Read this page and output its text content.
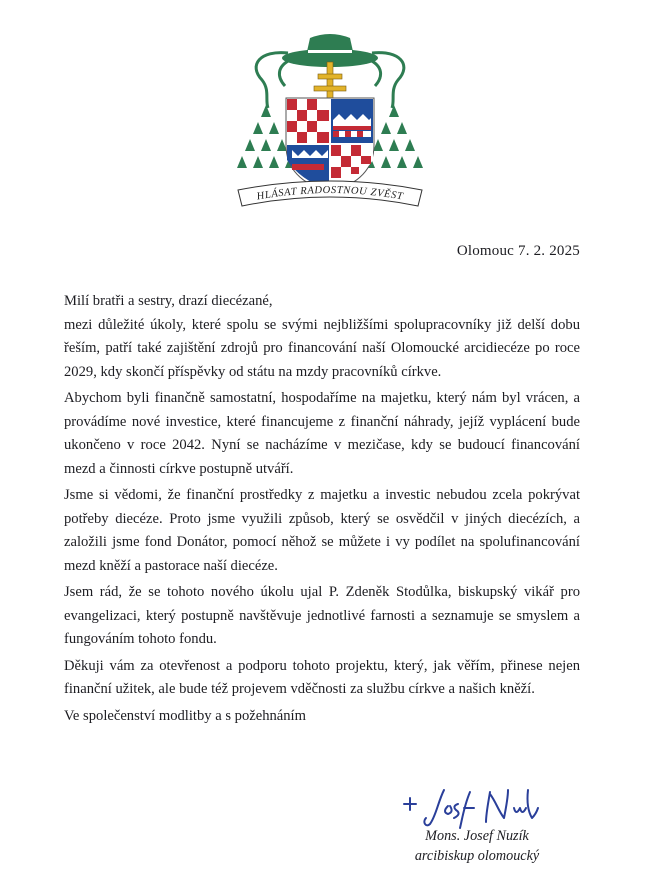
HLÁSAT RADOSTNOU ZVĚST
Olomouc 7. 2. 2025

Milí bratři a sestry, drazí diecézané,

mezi důležité úkoly, které spolu se svými nejbližšími spolupracovníky již delší dobu řeším, patří také zajištění zdrojů pro financování naší Olomoucké arcidiecéze po roce 2029, kdy skončí příspěvky od státu na mzdy pracovníků církve.

Abychom byli finančně samostatní, hospodaříme na majetku, který nám byl vrácen, a provádíme nové investice, které financujeme z finanční náhrady, jejíž vyplácení bude ukončeno v roce 2042. Nyní se nacházíme v mezičase, kdy se budoucí financování mezd a činnosti církve postupně utváří.

Jsme si vědomi, že finanční prostředky z majetku a investic nebudou zcela pokrývat potřeby diecéze. Proto jsme využili způsob, který se osvědčil v jiných diecézích, a založili jsme fond Donátor, pomocí něhož se můžete i vy podílet na spolufinancování mezd kněží a pastorace naší diecéze.

Jsem rád, že se tohoto nového úkolu ujal P. Zdeněk Stodůlka, biskupský vikář pro evangelizaci, který postupně navštěvuje jednotlivé farnosti a seznamuje se smyslem a fungováním tohoto fondu.

Děkuji vám za otevřenost a podporu tohoto projektu, který, jak věřím, přinese nejen finanční užitek, ale bude též projevem vděčnosti za službu církve a našich kněží.

Ve společenství modlitby a s požehnáním

Mons. Josef Nuzík
arcibiskup olomoucký
